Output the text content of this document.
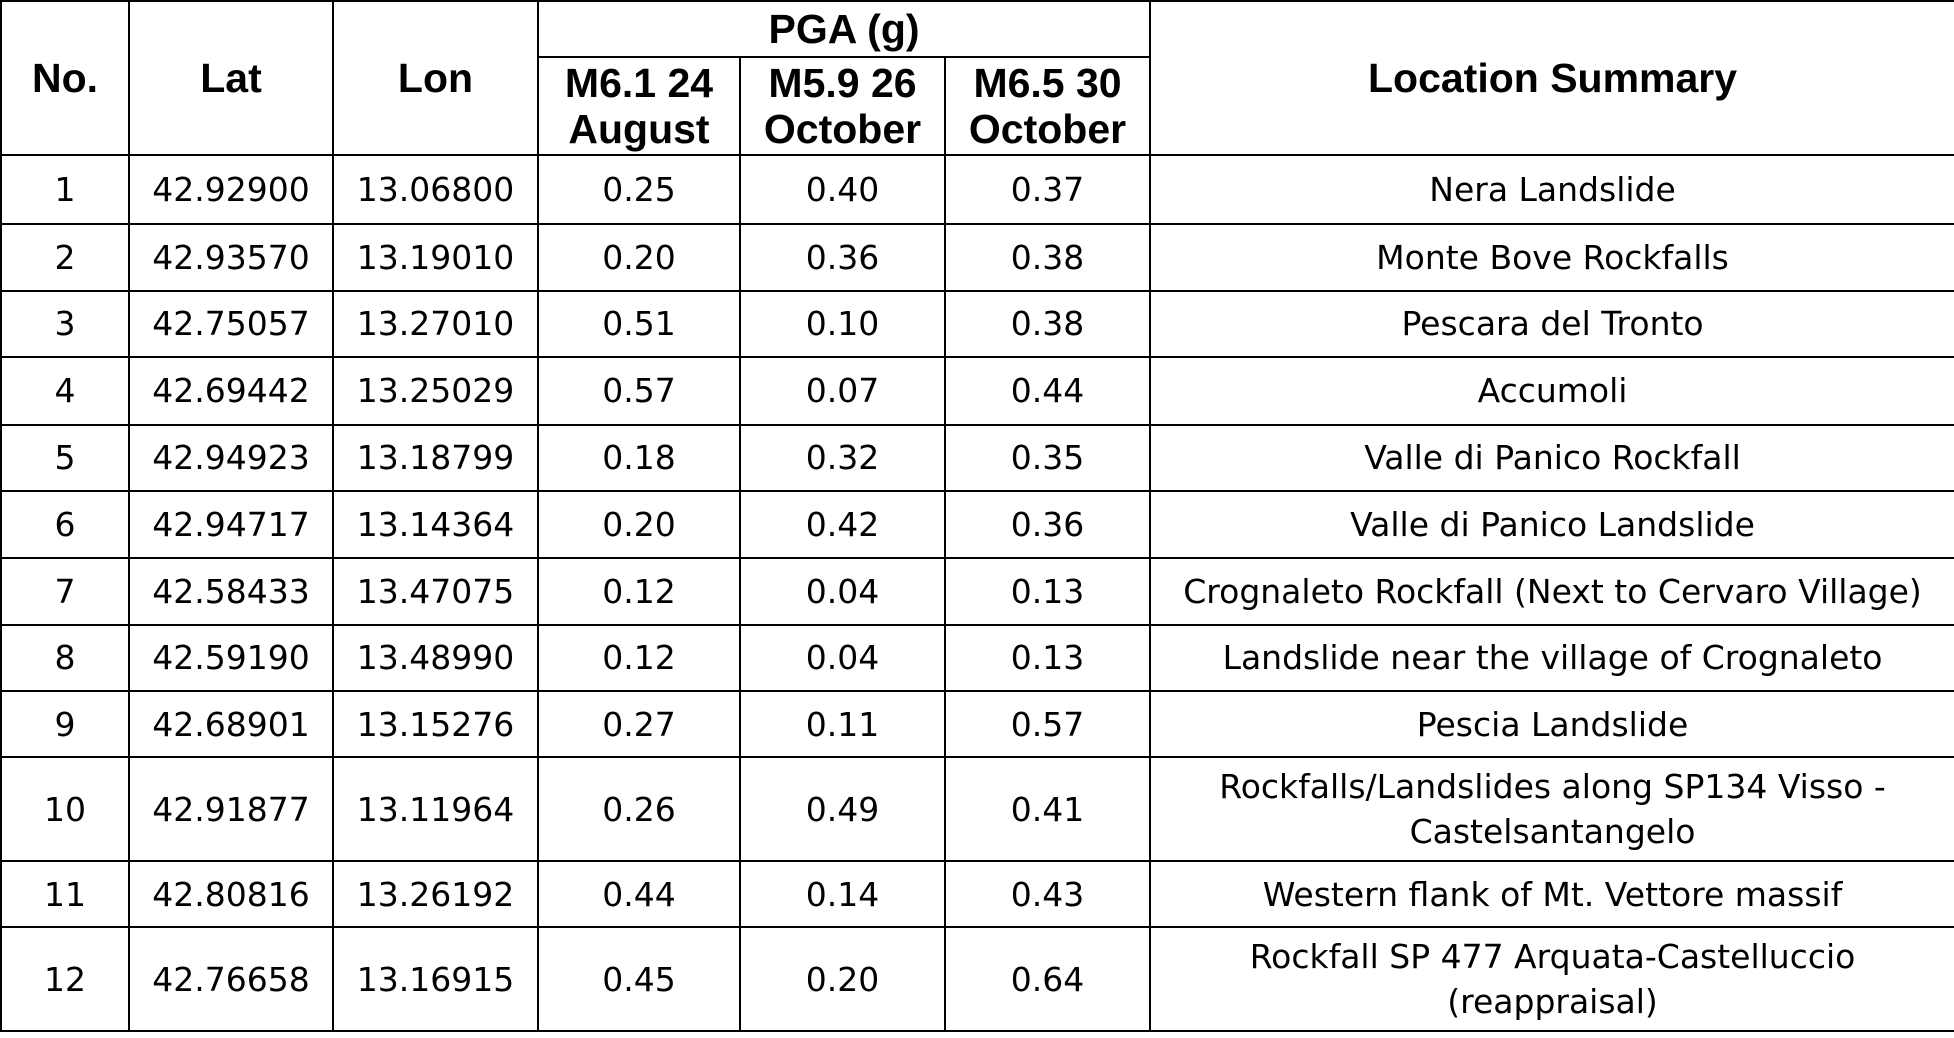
No.	Lat	Lon	PGA (g)			Location Summary
			M6.1 24 August	M5.9 26 October	M6.5 30 October	
1	42.92900	13.06800	0.25	0.40	0.37	Nera Landslide
2	42.93570	13.19010	0.20	0.36	0.38	Monte Bove Rockfalls
3	42.75057	13.27010	0.51	0.10	0.38	Pescara del Tronto
4	42.69442	13.25029	0.57	0.07	0.44	Accumoli
5	42.94923	13.18799	0.18	0.32	0.35	Valle di Panico Rockfall
6	42.94717	13.14364	0.20	0.42	0.36	Valle di Panico Landslide
7	42.58433	13.47075	0.12	0.04	0.13	Crognaleto Rockfall (Next to Cervaro Village)
8	42.59190	13.48990	0.12	0.04	0.13	Landslide near the village of Crognaleto
9	42.68901	13.15276	0.27	0.11	0.57	Pescia Landslide
10	42.91877	13.11964	0.26	0.49	0.41	Rockfalls/Landslides along SP134 Visso - Castelsantangelo
11	42.80816	13.26192	0.44	0.14	0.43	Western flank of Mt. Vettore massif
12	42.76658	13.16915	0.45	0.20	0.64	Rockfall SP 477 Arquata-Castelluccio (reappraisal)
